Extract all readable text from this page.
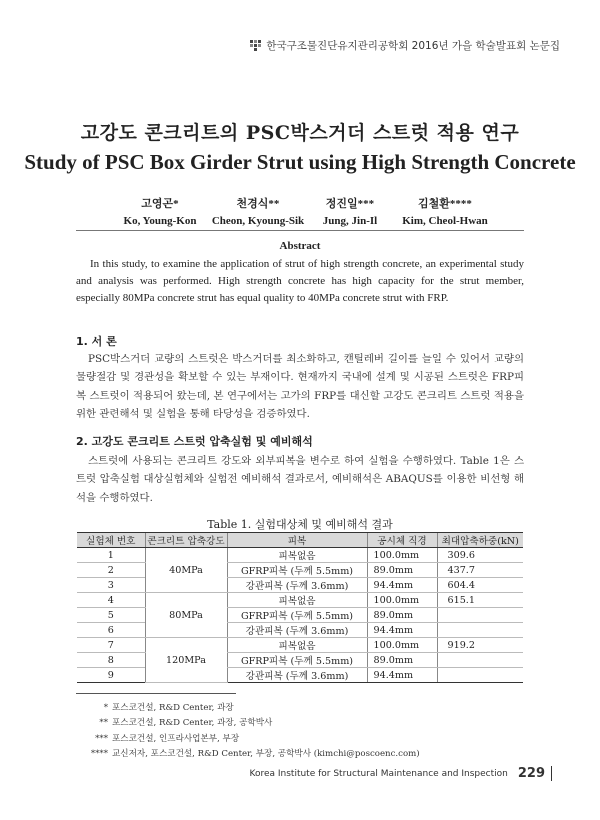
한국구조물진단유지관리공학회 2016년 가을 학술발표회 논문집
고강도 콘크리트의 PSC박스거더 스트럿 적용 연구
Study of PSC Box Girder Strut using High Strength Concrete
고영곤*
Ko, Young-Kon
천경식**
Cheon, Kyoung-Sik
정진일***
Jung, Jin-Il
김철환****
Kim, Cheol-Hwan
Abstract
In this study, to examine the application of strut of high strength concrete, an experimental study and analysis was performed. High strength concrete has high capacity for the strut member, especially 80MPa concrete strut has equal quality to 40MPa concrete strut with FRP.
1. 서 론
PSC박스거더 교량의 스트럿은 박스거더를 최소화하고, 캔틸레버 길이를 늘일 수 있어서 교량의 물량절감 및 경관성을 확보할 수 있는 부재이다. 현재까지 국내에 설계 및 시공된 스트럿은 FRP피복 스트럿이 적용되어 왔는데, 본 연구에서는 고가의 FRP를 대신할 고강도 콘크리트 스트럿 적용을 위한 관련해석 및 실험을 통해 타당성을 검증하였다.
2. 고강도 콘크리트 스트럿 압축실험 및 예비해석
스트럿에 사용되는 콘크리트 강도와 외부피복을 변수로 하여 실험을 수행하였다. Table 1은 스트럿 압축실험 대상실험체와 실험전 예비해석 결과로서, 예비해석은 ABAQUS를 이용한 비선형 해석을 수행하였다.
Table 1. 실험대상체 및 예비해석 결과
실험체 번호	콘크리트 압축강도	피복	공시체 직경	최대압축하중(kN)
1	40MPa	피복없음	100.0mm	309.6
2		GFRP피복 (두께 5.5mm)	89.0mm	437.7
3		강관피복 (두께 3.6mm)	94.4mm	604.4
4	80MPa	피복없음	100.0mm	615.1
5		GFRP피복 (두께 5.5mm)	89.0mm	
6		강관피복 (두께 3.6mm)	94.4mm	
7	120MPa	피복없음	100.0mm	919.2
8		GFRP피복 (두께 5.5mm)	89.0mm	
9		강관피복 (두께 3.6mm)	94.4mm	
* 포스코건설, R&D Center, 과장
** 포스코건설, R&D Center, 과장, 공학박사
*** 포스코건설, 인프라사업본부, 부장
**** 교신저자, 포스코건설, R&D Center, 부장, 공학박사 (kimchi@poscoenc.com)
Korea Institute for Structural Maintenance and Inspection 229
